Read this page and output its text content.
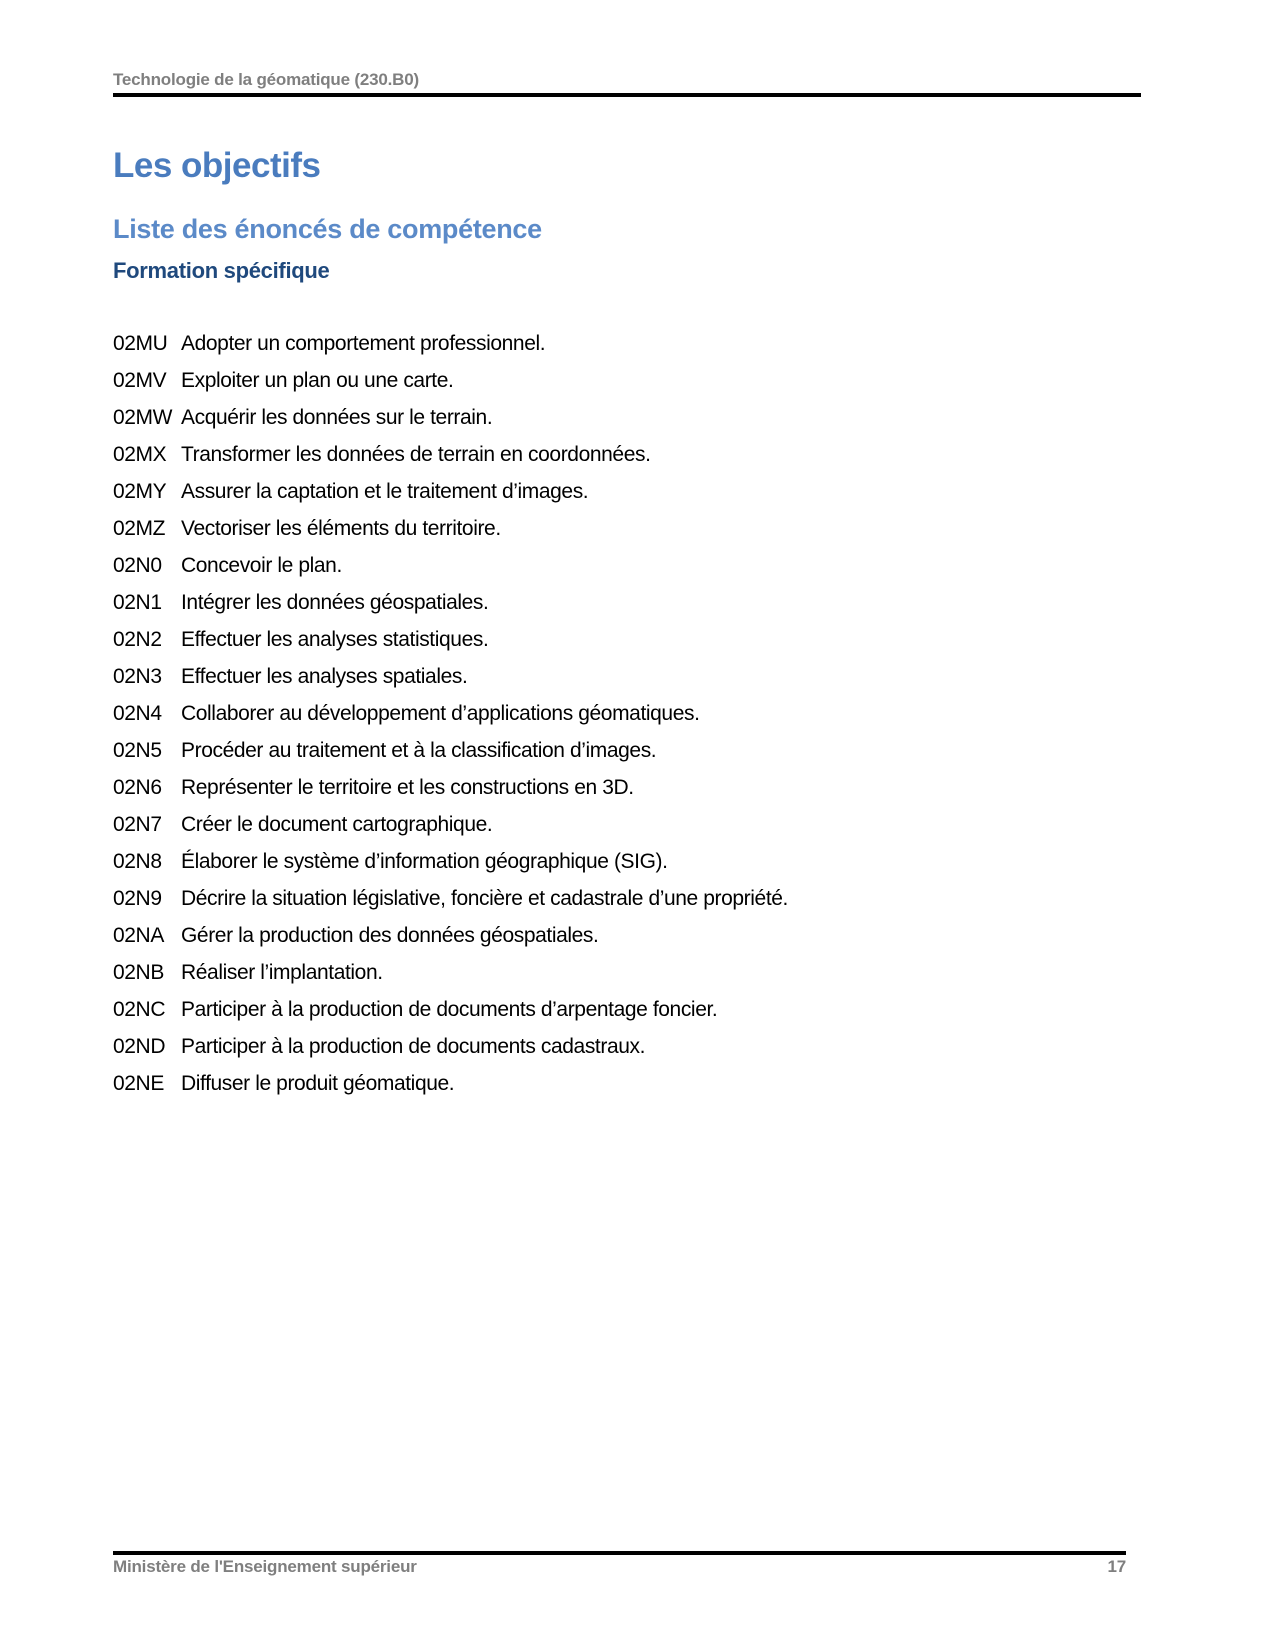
Technologie de la géomatique (230.B0)
Les objectifs
Liste des énoncés de compétence
Formation spécifique
02MU Adopter un comportement professionnel.
02MV Exploiter un plan ou une carte.
02MW Acquérir les données sur le terrain.
02MX Transformer les données de terrain en coordonnées.
02MY Assurer la captation et le traitement d’images.
02MZ Vectoriser les éléments du territoire.
02N0 Concevoir le plan.
02N1 Intégrer les données géospatiales.
02N2 Effectuer les analyses statistiques.
02N3 Effectuer les analyses spatiales.
02N4 Collaborer au développement d’applications géomatiques.
02N5 Procéder au traitement et à la classification d’images.
02N6 Représenter le territoire et les constructions en 3D.
02N7 Créer le document cartographique.
02N8 Élaborer le système d’information géographique (SIG).
02N9 Décrire la situation législative, foncière et cadastrale d’une propriété.
02NA Gérer la production des données géospatiales.
02NB Réaliser l’implantation.
02NC Participer à la production de documents d’arpentage foncier.
02ND Participer à la production de documents cadastraux.
02NE Diffuser le produit géomatique.
Ministère de l'Enseignement supérieur	17
